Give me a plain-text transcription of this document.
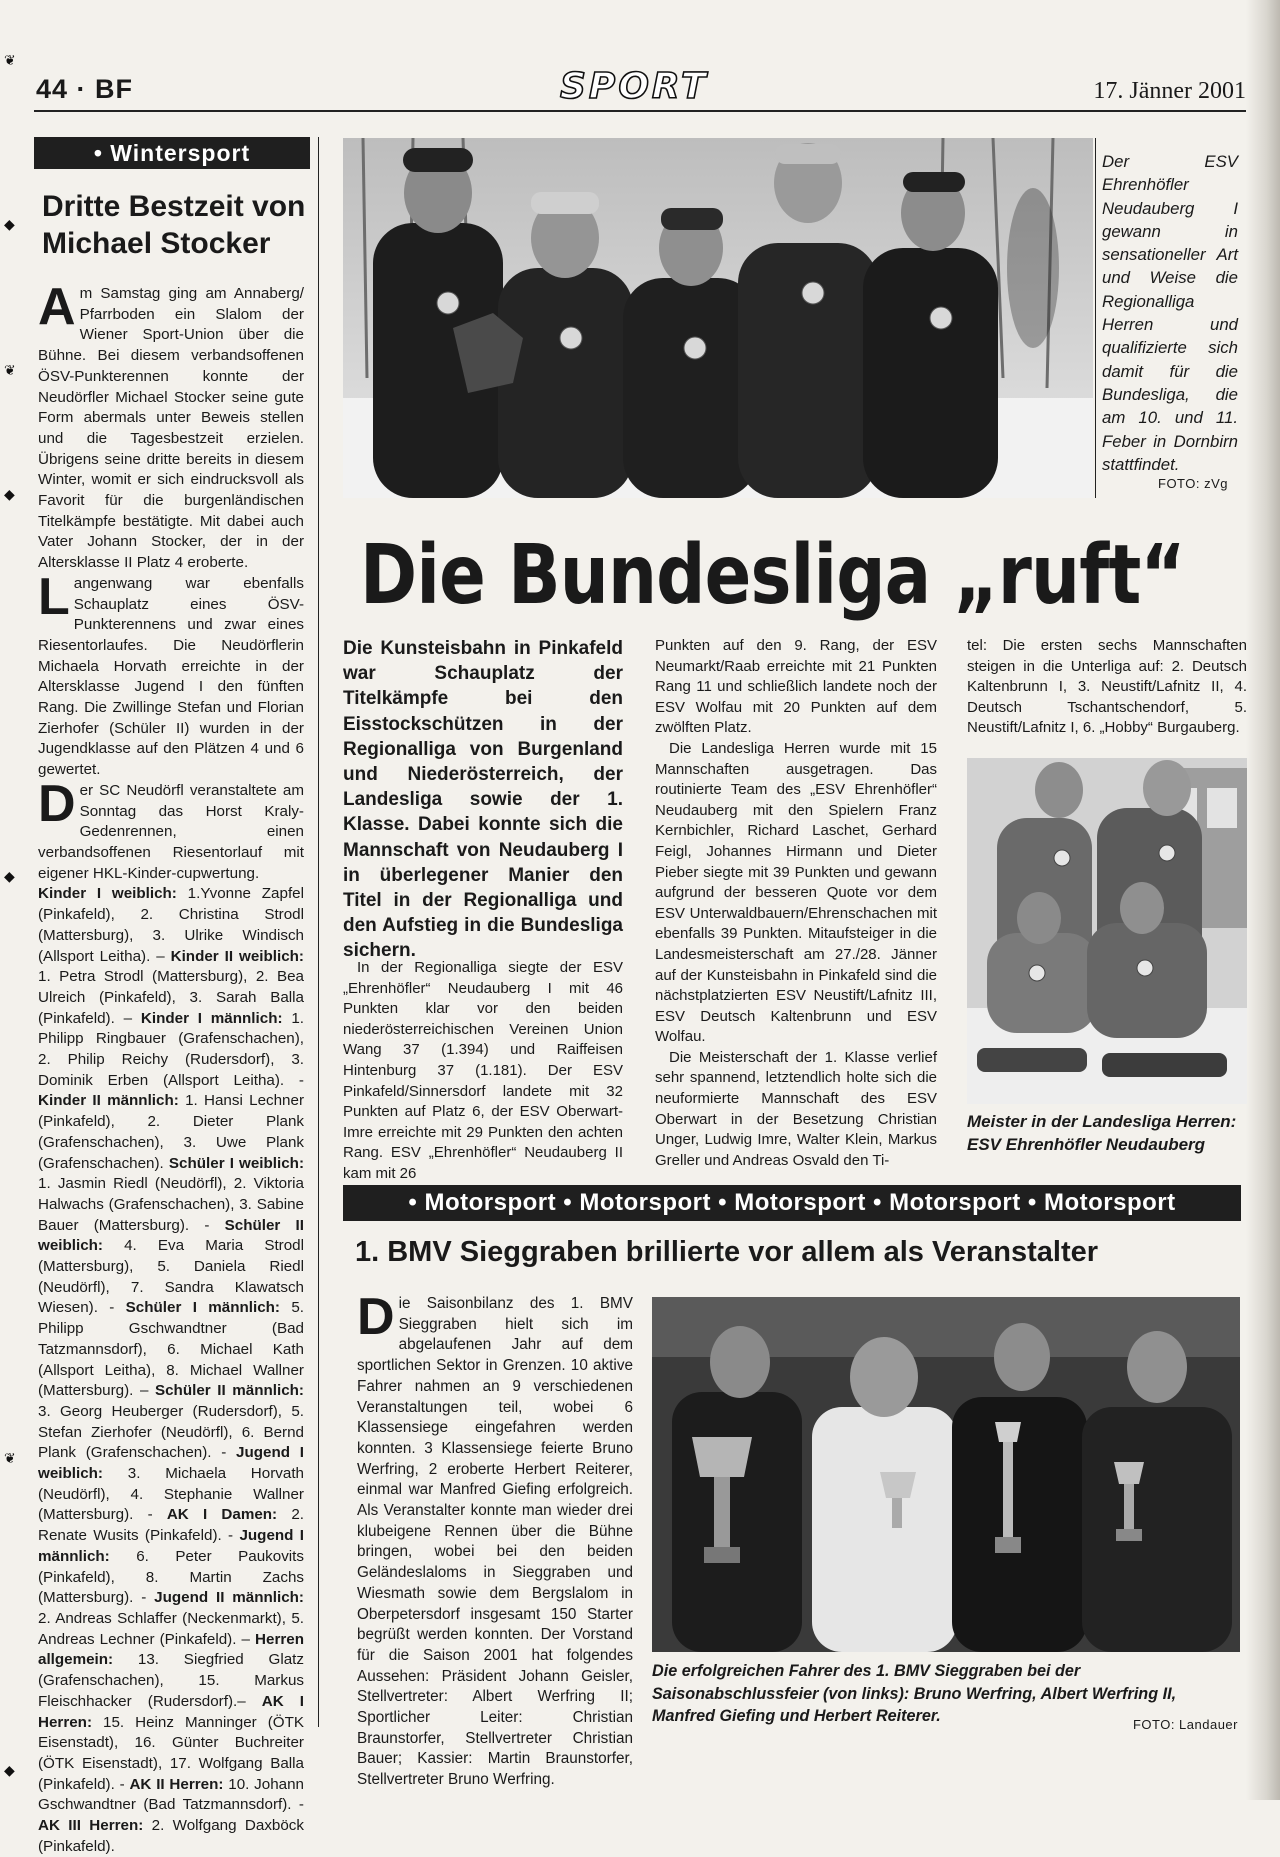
❦
◆
❦
◆
◆
❦
◆
44 · BF	SPORT	17. Jänner 2001
• Wintersport
Dritte Bestzeit von Michael Stocker

Am Samstag ging am Annaberg/ Pfarrboden ein Slalom der Wiener Sport-Union über die Bühne. Bei diesem verbandsoffenen ÖSV-Punkterennen konnte der Neudörfler Michael Stocker seine gute Form abermals unter Beweis stellen und die Tagesbestzeit erzielen. Übrigens seine dritte bereits in diesem Winter, womit er sich eindrucksvoll als Favorit für die burgenländischen Titelkämpfe bestätigte. Mit dabei auch Vater Johann Stocker, der in der Altersklasse II Platz 4 eroberte.

Langenwang war ebenfalls Schauplatz eines ÖSV-Punkterennens und zwar eines Riesentorlaufes. Die Neudörflerin Michaela Horvath erreichte in der Altersklasse Jugend I den fünften Rang. Die Zwillinge Stefan und Florian Zierhofer (Schüler II) wurden in der Jugendklasse auf den Plätzen 4 und 6 gewertet.

Der SC Neudörfl veranstaltete am Sonntag das Horst Kraly-Gedenrennen, einen verbandsoffenen Riesentorlauf mit eigener HKL-Kinder-cupwertung.

Kinder I weiblich: 1.Yvonne Zapfel (Pinkafeld), 2. Christina Strodl (Mattersburg), 3. Ulrike Windisch (Allsport Leitha). – Kinder II weiblich: 1. Petra Strodl (Mattersburg), 2. Bea Ulreich (Pinkafeld), 3. Sarah Balla (Pinkafeld). – Kinder I männlich: 1. Philipp Ringbauer (Grafenschachen), 2. Philip Reichy (Rudersdorf), 3. Dominik Erben (Allsport Leitha). - Kinder II männlich: 1. Hansi Lechner (Pinkafeld), 2. Dieter Plank (Grafenschachen), 3. Uwe Plank (Grafenschachen). Schüler I weiblich: 1. Jasmin Riedl (Neudörfl), 2. Viktoria Halwachs (Grafenschachen), 3. Sabine Bauer (Mattersburg). - Schüler II weiblich: 4. Eva Maria Strodl (Mattersburg), 5. Daniela Riedl (Neudörfl), 7. Sandra Klawatsch Wiesen). - Schüler I männlich: 5. Philipp Gschwandtner (Bad Tatzmannsdorf), 6. Michael Kath (Allsport Leitha), 8. Michael Wallner (Mattersburg). – Schüler II männlich: 3. Georg Heuberger (Rudersdorf), 5. Stefan Zierhofer (Neudörfl), 6. Bernd Plank (Grafenschachen). - Jugend I weiblich: 3. Michaela Horvath (Neudörfl), 4. Stephanie Wallner (Mattersburg). - AK I Damen: 2. Renate Wusits (Pinkafeld). - Jugend I männlich: 6. Peter Paukovits (Pinkafeld), 8. Martin Zachs (Mattersburg). - Jugend II männlich: 2. Andreas Schlaffer (Neckenmarkt), 5. Andreas Lechner (Pinkafeld). – Herren allgemein: 13. Siegfried Glatz (Grafenschachen), 15. Markus Fleischhacker (Rudersdorf).– AK I Herren: 15. Heinz Manninger (ÖTK Eisenstadt), 16. Günter Buchreiter (ÖTK Eisenstadt), 17. Wolfgang Balla (Pinkafeld). - AK II Herren: 10. Johann Gschwandtner (Bad Tatzmannsdorf). - AK III Herren: 2. Wolfgang Daxböck (Pinkafeld).

Der ESV Ehrenhöfler Neudauberg I gewann in sensationeller Art und Weise die Regionalliga Herren und qualifizierte sich damit für die Bundesliga, die am 10. und 11. Feber in Dornbirn stattfindet.
FOTO: zVg
Die Bundesliga „ruft“
Die Kunsteisbahn in Pinkafeld war Schauplatz der Titelkämpfe bei den Eisstockschützen in der Regionalliga von Burgenland und Niederösterreich, der Landesliga sowie der 1. Klasse. Dabei konnte sich die Mannschaft von Neudauberg I in überlegener Manier den Titel in der Regionalliga und den Aufstieg in die Bundesliga sichern.

In der Regionalliga siegte der ESV „Ehrenhöfler“ Neudauberg I mit 46 Punkten klar vor den beiden niederösterreichischen Vereinen Union Wang 37 (1.394) und Raiffeisen Hintenburg 37 (1.181). Der ESV Pinkafeld/Sinnersdorf landete mit 32 Punkten auf Platz 6, der ESV Oberwart-Imre erreichte mit 29 Punkten den achten Rang. ESV „Ehrenhöfler“ Neudauberg II kam mit 26

Punkten auf den 9. Rang, der ESV Neumarkt/Raab erreichte mit 21 Punkten Rang 11 und schließlich landete noch der ESV Wolfau mit 20 Punkten auf dem zwölften Platz.

Die Landesliga Herren wurde mit 15 Mannschaften ausgetragen. Das routinierte Team des „ESV Ehrenhöfler“ Neudauberg mit den Spielern Franz Kernbichler, Richard Laschet, Gerhard Feigl, Johannes Hirmann und Dieter Pieber siegte mit 39 Punkten und gewann aufgrund der besseren Quote vor dem ESV Unterwaldbauern/Ehrenschachen mit ebenfalls 39 Punkten. Mitaufsteiger in die Landesmeisterschaft am 27./28. Jänner auf der Kunsteisbahn in Pinkafeld sind die nächstplatzierten ESV Neustift/Lafnitz III, ESV Deutsch Kaltenbrunn und ESV Wolfau.

Die Meisterschaft der 1. Klasse verlief sehr spannend, letztendlich holte sich die neuformierte Mannschaft des ESV Oberwart in der Besetzung Christian Unger, Ludwig Imre, Walter Klein, Markus Greller und Andreas Osvald den Ti-

tel: Die ersten sechs Mannschaften steigen in die Unterliga auf: 2. Deutsch Kaltenbrunn I, 3. Neustift/Lafnitz II, 4. Deutsch Tschantschendorf, 5. Neustift/Lafnitz I, 6. „Hobby“ Burgauberg.

Meister in der Landesliga Herren: ESV Ehrenhöfler Neudauberg
• Motorsport • Motorsport • Motorsport • Motorsport • Motorsport
1. BMV Sieggraben brillierte vor allem als Veranstalter

Die Saisonbilanz des 1. BMV Sieggraben hielt sich im abgelaufenen Jahr auf dem sportlichen Sektor in Grenzen. 10 aktive Fahrer nahmen an 9 verschiedenen Veranstaltungen teil, wobei 6 Klassensiege eingefahren werden konnten. 3 Klassensiege feierte Bruno Werfring, 2 eroberte Herbert Reiterer, einmal war Manfred Giefing erfolgreich. Als Veranstalter konnte man wieder drei klubeigene Rennen über die Bühne bringen, wobei bei den beiden Geländeslaloms in Sieggraben und Wiesmath sowie dem Bergslalom in Oberpetersdorf insgesamt 150 Starter begrüßt werden konnten. Der Vorstand für die Saison 2001 hat folgendes Aussehen: Präsident Johann Geisler, Stellvertreter: Albert Werfring II; Sportlicher Leiter: Christian Braunstorfer, Stellvertreter Christian Bauer; Kassier: Martin Braunstorfer, Stellvertreter Bruno Werfring.

Die erfolgreichen Fahrer des 1. BMV Sieggraben bei der Saisonabschlussfeier (von links): Bruno Werfring, Albert Werfring II, Manfred Giefing und Herbert Reiterer.	FOTO: Landauer
